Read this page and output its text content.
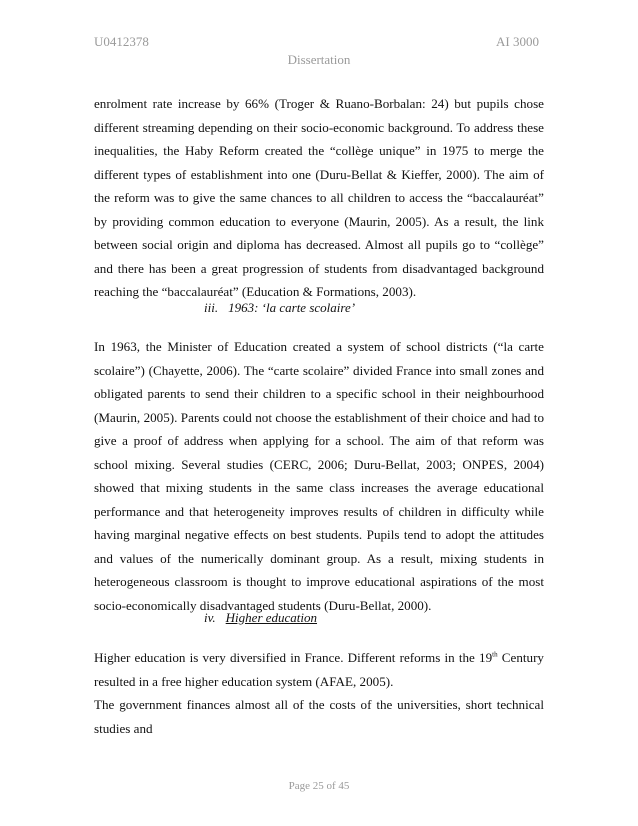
U0412378	AI 3000
Dissertation

enrolment rate increase by 66% (Troger & Ruano-Borbalan: 24) but pupils chose different streaming depending on their socio-economic background. To address these inequalities, the Haby Reform created the “collège unique” in 1975 to merge the different types of establishment into one (Duru-Bellat & Kieffer, 2000). The aim of the reform was to give the same chances to all children to access the “baccalauréat” by providing common education to everyone (Maurin, 2005). As a result, the link between social origin and diploma has decreased. Almost all pupils go to “collège” and there has been a great progression of students from disadvantaged background reaching the “baccalauréat” (Education & Formations, 2003).

iii. 1963: ‘la carte scolaire’

In 1963, the Minister of Education created a system of school districts (“la carte scolaire”) (Chayette, 2006). The “carte scolaire” divided France into small zones and obligated parents to send their children to a specific school in their neighbourhood (Maurin, 2005). Parents could not choose the establishment of their choice and had to give a proof of address when applying for a school. The aim of that reform was school mixing. Several studies (CERC, 2006; Duru-Bellat, 2003; ONPES, 2004) showed that mixing students in the same class increases the average educational performance and that heterogeneity improves results of children in difficulty while having marginal negative effects on best students. Pupils tend to adopt the attitudes and values of the numerically dominant group. As a result, mixing students in heterogeneous classroom is thought to improve educational aspirations of the most socio-economically disadvantaged students (Duru-Bellat, 2000).

iv. Higher education

Higher education is very diversified in France. Different reforms in the 19th Century resulted in a free higher education system (AFAE, 2005).

The government finances almost all of the costs of the universities, short technical studies and

Page 25 of 45
